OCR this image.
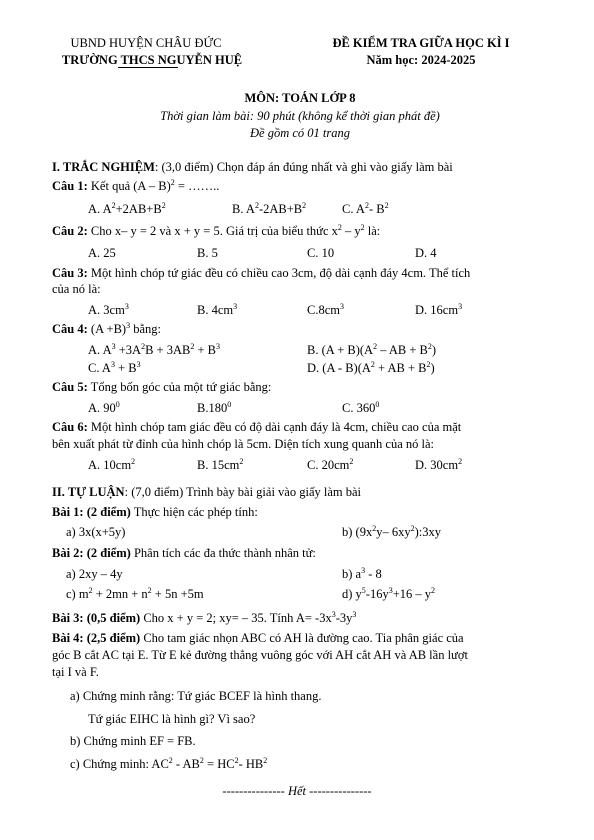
UBND HUYỆN CHÂU ĐỨC
TRƯỜNG THCS NGUYỄN HUỆ
ĐỀ KIỂM TRA GIỮA HỌC KÌ I
Năm học: 2024-2025
MÔN: TOÁN LỚP 8
Thời gian làm bài: 90 phút (không kể thời gian phát đề)
Đề gồm có 01 trang
I. TRẮC NGHIỆM: (3,0 điểm) Chọn đáp án đúng nhất và ghi vào giấy làm bài
Câu 1: Kết quả (A – B)$^2$ = ……..
A. $A^2+2AB+B^2$	B. $A^2-2AB+B^2$	C. $A^2-$ $B^2$
Câu 2: Cho x– y = 2 và x + y = 5. Giá trị của biểu thức $x^2 - y^2$ là:
A. 25	B. 5	C. 10	D. 4
Câu 3: Một hình chóp tứ giác đều có chiều cao 3cm, độ dài cạnh đáy 4cm. Thể tích
của nó là:
A. $3cm^3$	B. $4cm^3$	$C.8cm^3$	D. $16cm^3$
Câu 4: $(A +B)^3$ bằng:
A. $A^3 +3A^2B + 3AB^2 + B^3$	B. $(A + B)(A^2$ – AB + $B^2$)
C. $A^3 + B^3$	D. $(A - B)(A^2$ + AB + $B^2$)
Câu 5: Tổng bốn góc của một tứ giác bằng:
A. $90^0$	B.180$^0$	C. $360^0$
Câu 6: Một hình chóp tam giác đều có độ dài cạnh đáy là 4cm, chiều cao của mặt
bên xuất phát từ đỉnh của hình chóp là 5cm. Diện tích xung quanh của nó là:
A. $10cm^2$	B. $15cm^2$	C. $20cm^2$	D. $30cm^2$
II. TỰ LUẬN: (7,0 điểm) Trình bày bài giải vào giấy làm bài
Bài 1: (2 điểm) Thực hiện các phép tính:
a) 3x(x+5y)	b) ($9x^2y-$ $6xy^2):3xy$
Bài 2: (2 điểm) Phân tích các đa thức thành nhân tử:
a) 2xy – 4y	b) $a^3 - 8$
c) $m^2 + 2mn + n^2 + 5n +5m$	d) $y^5-16y^3+16 - y^2$
Bài 3: (0,5 điểm) Cho x + y = 2; xy= – 35. Tính $A= -3x^3-3y^3$
Bài 4: (2,5 điểm) Cho tam giác nhọn ABC có AH là đường cao. Tia phân giác của
góc B cắt AC tại E. Từ E kẻ đường thẳng vuông góc với AH cắt AH và AB lần lượt
tại I và F.
a) Chứng minh rằng: Tứ giác BCEF là hình thang.
Tứ giác EIHC là hình gì? Vì sao?
b) Chứng minh EF = FB.
c) Chứng minh: $AC^2 - AB^2 = HC^2-$ $HB^2$
--------------- Hết ---------------
